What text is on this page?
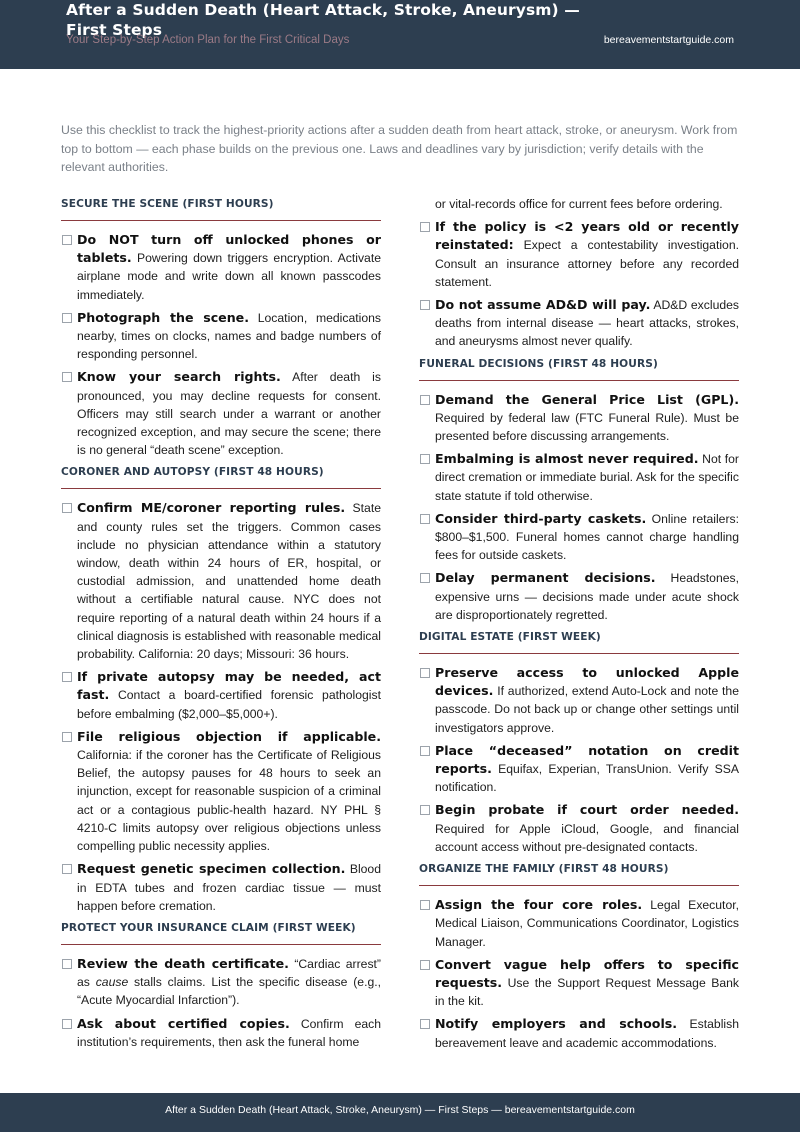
After a Sudden Death (Heart Attack, Stroke, Aneurysm) — First Steps
Your Step-by-Step Action Plan for the First Critical Days	bereavementstartguide.com
Use this checklist to track the highest-priority actions after a sudden death from heart attack, stroke, or aneurysm. Work from top to bottom — each phase builds on the previous one. Laws and deadlines vary by jurisdiction; verify details with the relevant authorities.
SECURE THE SCENE (FIRST HOURS)
Do NOT turn off unlocked phones or tablets. Powering down triggers encryption. Activate airplane mode and write down all known passcodes immediately.
Photograph the scene. Location, medications nearby, times on clocks, names and badge numbers of responding personnel.
Know your search rights. After death is pronounced, you may decline requests for consent. Officers may still search under a warrant or another recognized exception, and may secure the scene; there is no general “death scene” exception.
CORONER AND AUTOPSY (FIRST 48 HOURS)
Confirm ME/coroner reporting rules. State and county rules set the triggers. Common cases include no physician attendance within a statutory window, death within 24 hours of ER, hospital, or custodial admission, and unattended home death without a certifiable natural cause. NYC does not require reporting of a natural death within 24 hours if a clinical diagnosis is established with reasonable medical probability. California: 20 days; Missouri: 36 hours.
If private autopsy may be needed, act fast. Contact a board-certified forensic pathologist before embalming ($2,000–$5,000+).
File religious objection if applicable. California: if the coroner has the Certificate of Religious Belief, the autopsy pauses for 48 hours to seek an injunction, except for reasonable suspicion of a criminal act or a contagious public-health hazard. NY PHL § 4210-C limits autopsy over religious objections unless compelling public necessity applies.
Request genetic specimen collection. Blood in EDTA tubes and frozen cardiac tissue — must happen before cremation.
PROTECT YOUR INSURANCE CLAIM (FIRST WEEK)
Review the death certificate. “Cardiac arrest” as cause stalls claims. List the specific disease (e.g., “Acute Myocardial Infarction”).
Ask about certified copies. Confirm each institution’s requirements, then ask the funeral home
or vital-records office for current fees before ordering.
If the policy is <2 years old or recently reinstated: Expect a contestability investigation. Consult an insurance attorney before any recorded statement.
Do not assume AD&D will pay. AD&D excludes deaths from internal disease — heart attacks, strokes, and aneurysms almost never qualify.
FUNERAL DECISIONS (FIRST 48 HOURS)
Demand the General Price List (GPL). Required by federal law (FTC Funeral Rule). Must be presented before discussing arrangements.
Embalming is almost never required. Not for direct cremation or immediate burial. Ask for the specific state statute if told otherwise.
Consider third-party caskets. Online retailers: $800–$1,500. Funeral homes cannot charge handling fees for outside caskets.
Delay permanent decisions. Headstones, expensive urns — decisions made under acute shock are disproportionately regretted.
DIGITAL ESTATE (FIRST WEEK)
Preserve access to unlocked Apple devices. If authorized, extend Auto-Lock and note the passcode. Do not back up or change other settings until investigators approve.
Place “deceased” notation on credit reports. Equifax, Experian, TransUnion. Verify SSA notification.
Begin probate if court order needed. Required for Apple iCloud, Google, and financial account access without pre-designated contacts.
ORGANIZE THE FAMILY (FIRST 48 HOURS)
Assign the four core roles. Legal Executor, Medical Liaison, Communications Coordinator, Logistics Manager.
Convert vague help offers to specific requests. Use the Support Request Message Bank in the kit.
Notify employers and schools. Establish bereavement leave and academic accommodations.
After a Sudden Death (Heart Attack, Stroke, Aneurysm) — First Steps — bereavementstartguide.com
